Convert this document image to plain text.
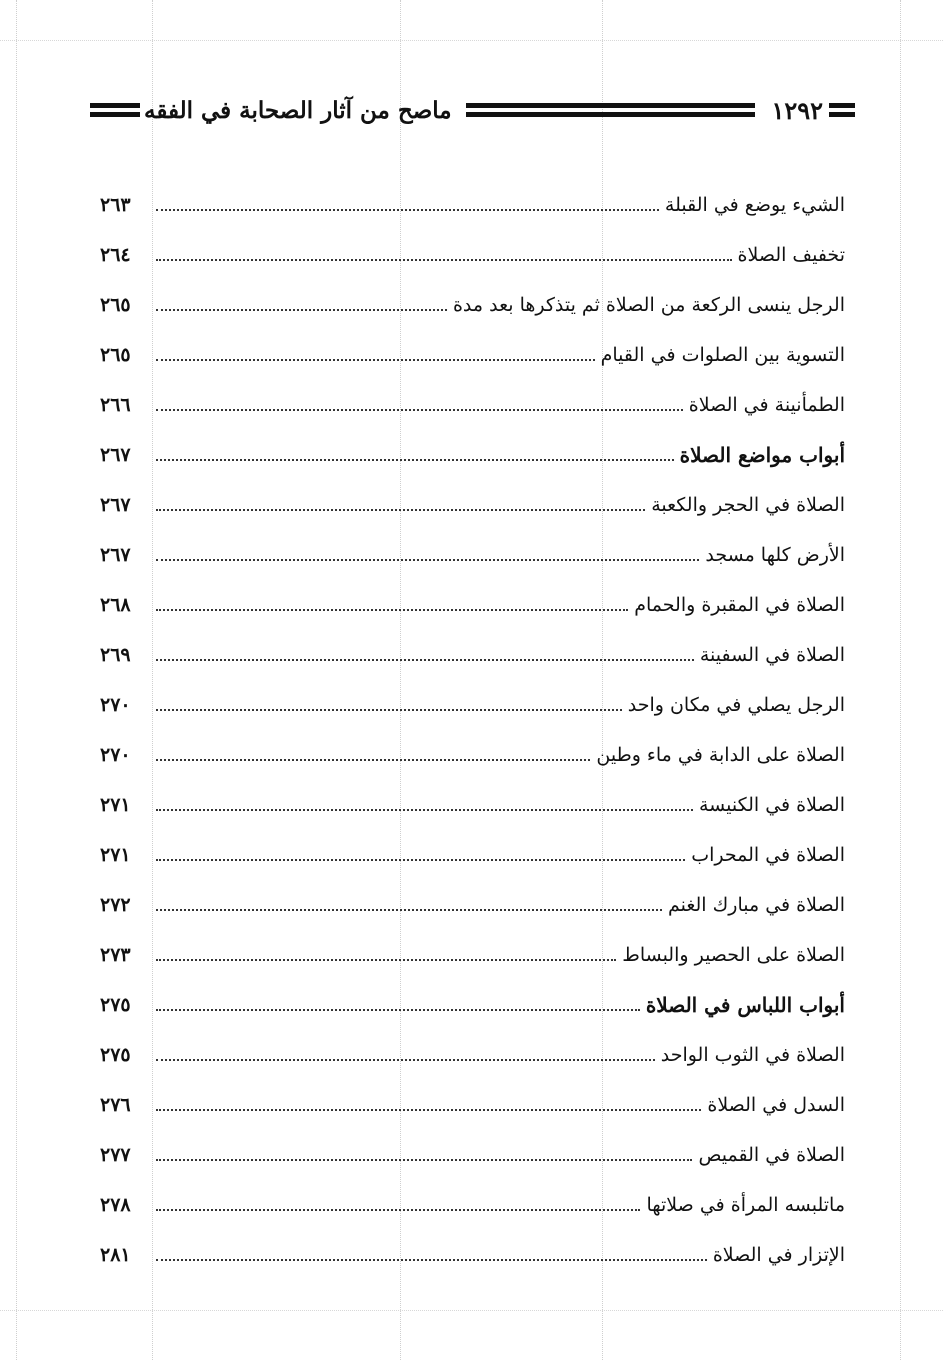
١٢٩٢
ماصح من آثار الصحابة في الفقه
الشيء يوضع في القبلة
٢٦٣
تخفيف الصلاة
٢٦٤
الرجل ينسى الركعة من الصلاة ثم يتذكرها بعد مدة
٢٦٥
التسوية بين الصلوات في القيام
٢٦٥
الطمأنينة في الصلاة
٢٦٦
أبواب مواضع الصلاة
٢٦٧
الصلاة في الحجر والكعبة
٢٦٧
الأرض كلها مسجد
٢٦٧
الصلاة في المقبرة والحمام
٢٦٨
الصلاة في السفينة
٢٦٩
الرجل يصلي في مكان واحد
٢٧٠
الصلاة على الدابة في ماء وطين
٢٧٠
الصلاة في الكنيسة
٢٧١
الصلاة في المحراب
٢٧١
الصلاة في مبارك الغنم
٢٧٢
الصلاة على الحصير والبساط
٢٧٣
أبواب اللباس في الصلاة
٢٧٥
الصلاة في الثوب الواحد
٢٧٥
السدل في الصلاة
٢٧٦
الصلاة في القميص
٢٧٧
ماتلبسه المرأة في صلاتها
٢٧٨
الإتزار في الصلاة
٢٨١
